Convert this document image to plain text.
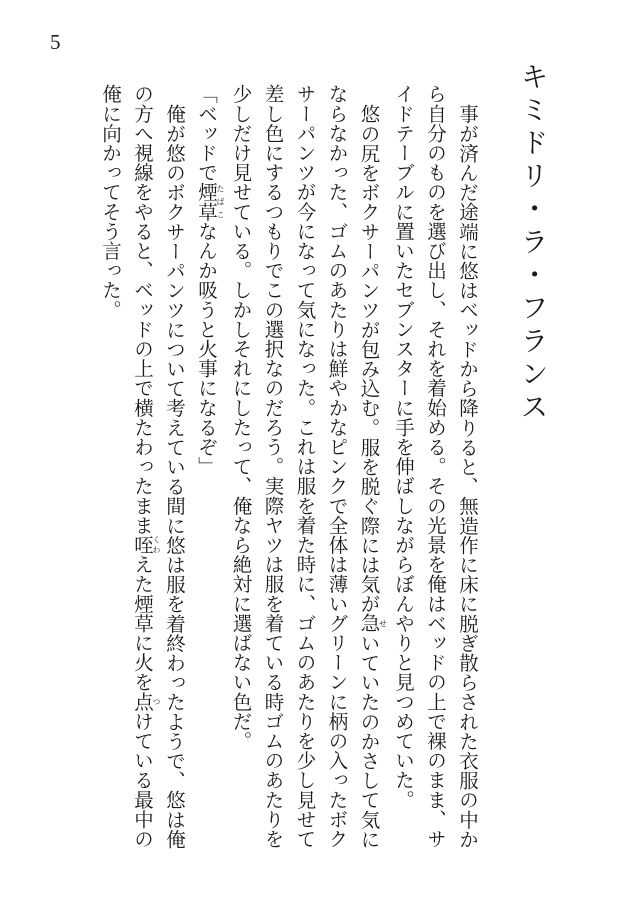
5
キミドリ・ラ・フランス

事が済んだ途端に悠はベッドから降りると、無造作に床に脱ぎ散らされた衣服の中から自分のものを選び出し、それを着始める。その光景を俺はベッドの上で裸のまま、サイドテーブルに置いたセブンスターに手を伸ばしながらぼんやりと見つめていた。

悠の尻をボクサーパンツが包み込む。服を脱ぐ際には気が急せいていたのかさして気にならなかった、ゴムのあたりは鮮やかなピンクで全体は薄いグリーンに柄の入ったボクサーパンツが今になって気になった。これは服を着た時に、ゴムのあたりを少し見せて差し色にするつもりでこの選択なのだろう。実際ヤツは服を着ている時ゴムのあたりを少しだけ見せている。しかしそれにしたって、俺なら絶対に選ばない色だ。

「ベッドで煙草たばこなんか吸うと火事になるぞ」

俺が悠のボクサーパンツについて考えている間に悠は服を着終わったようで、悠は俺の方へ視線をやると、ベッドの上で横たわったまま咥くわえた煙草に火を点つけている最中の俺に向かってそう言った。
